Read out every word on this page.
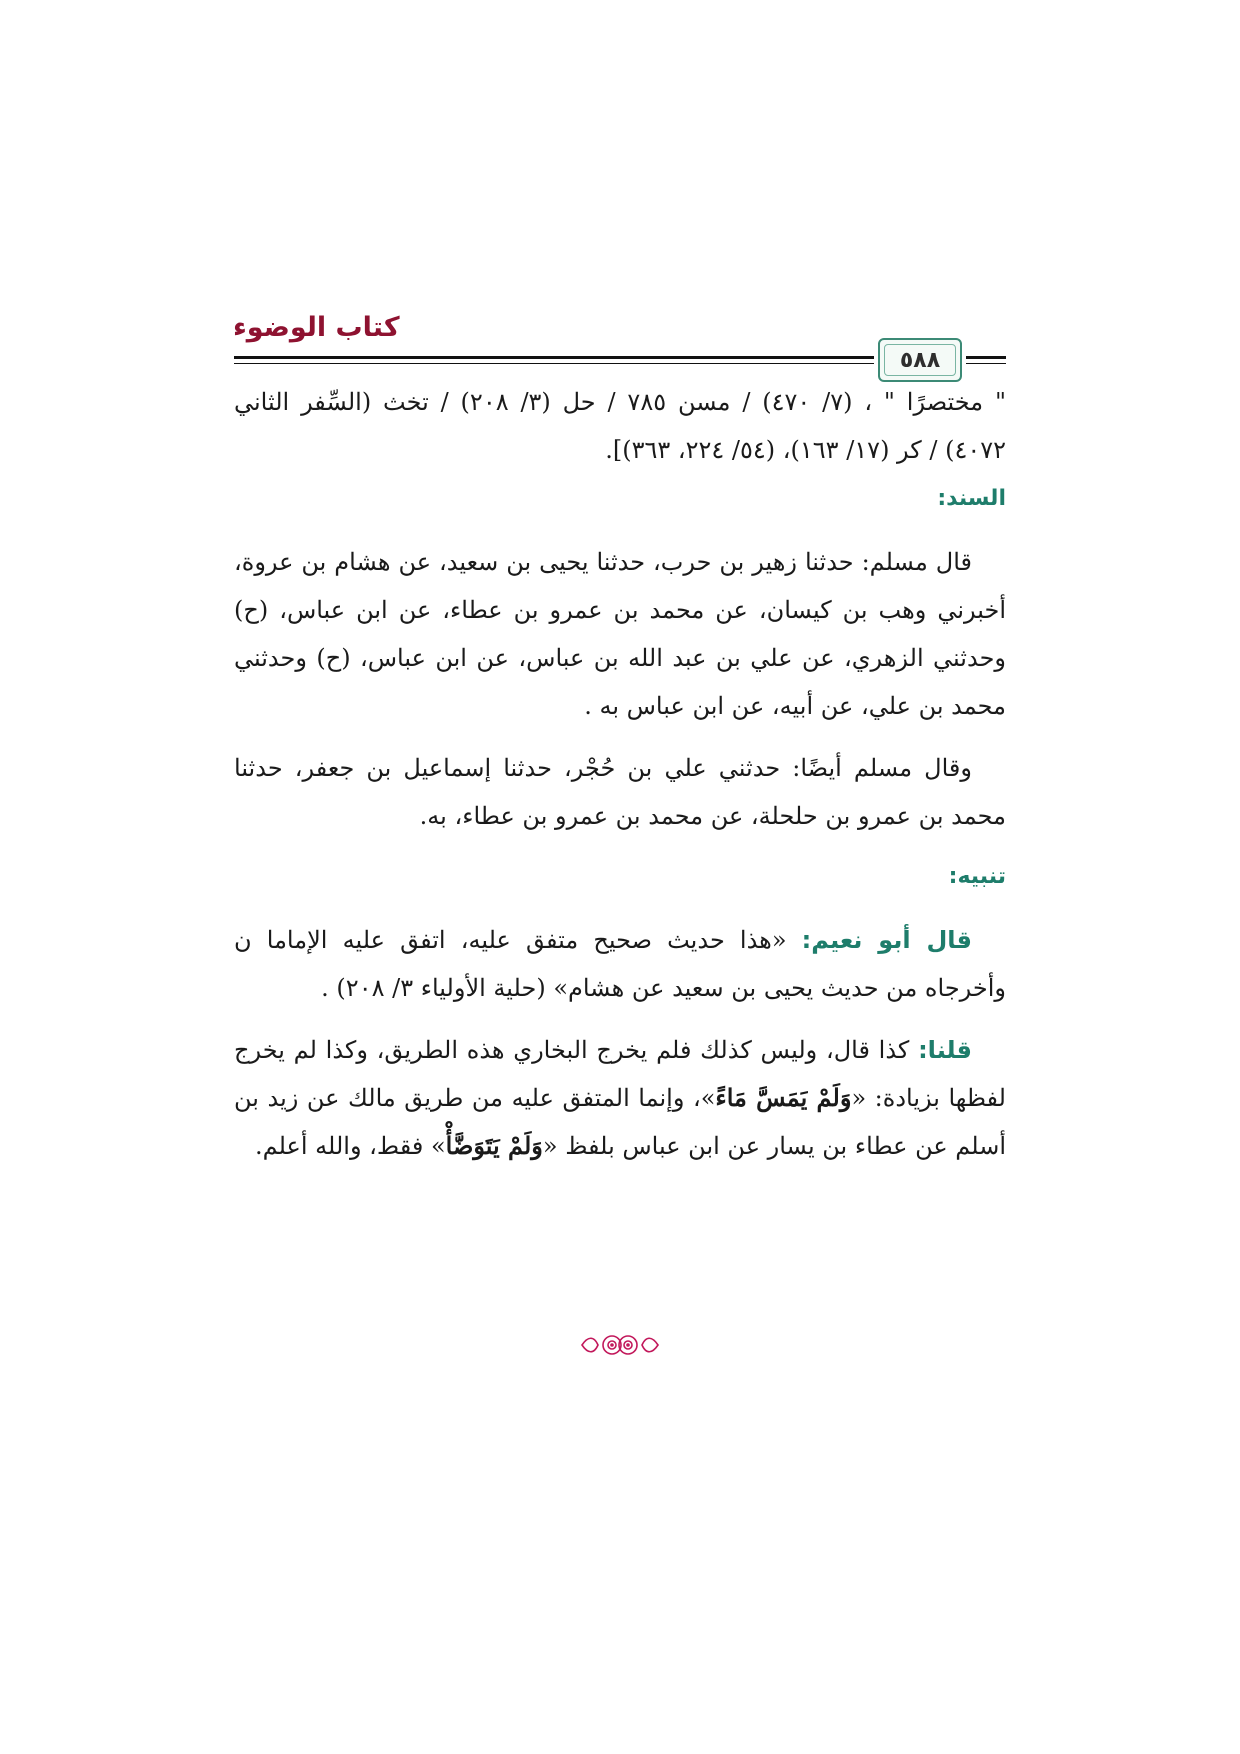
كتاب الوضوء
٥٨٨

" مختصرًا " ، (٧/ ٤٧٠) / مسن ٧٨٥ / حل (٣/ ٢٠٨) / تخث (السِّفر الثاني ٤٠٧٢) / كر (١٧/ ١٦٣)، (٥٤/ ٢٢٤، ٣٦٣)].

السند:

قال مسلم: حدثنا زهير بن حرب، حدثنا يحيى بن سعيد، عن هشام بن عروة، أخبرني وهب بن كيسان، عن محمد بن عمرو بن عطاء، عن ابن عباس، (ح) وحدثني الزهري، عن علي بن عبد الله بن عباس، عن ابن عباس، (ح) وحدثني محمد بن علي، عن أبيه، عن ابن عباس به .

وقال مسلم أيضًا: حدثني علي بن حُجْر، حدثنا إسماعيل بن جعفر، حدثنا محمد بن عمرو بن حلحلة، عن محمد بن عمرو بن عطاء، به.

تنبيه:

قال أبو نعيم: «هذا حديث صحيح متفق عليه، اتفق عليه الإماما ن وأخرجاه من حديث يحيى بن سعيد عن هشام» (حلية الأولياء ٣/ ٢٠٨) .

قلنا: كذا قال، وليس كذلك فلم يخرج البخاري هذه الطريق، وكذا لم يخرج لفظها بزيادة: «وَلَمْ يَمَسَّ مَاءً»، وإنما المتفق عليه من طريق مالك عن زيد بن أسلم عن عطاء بن يسار عن ابن عباس بلفظ «وَلَمْ يَتَوَضَّأْ» فقط، والله أعلم.
